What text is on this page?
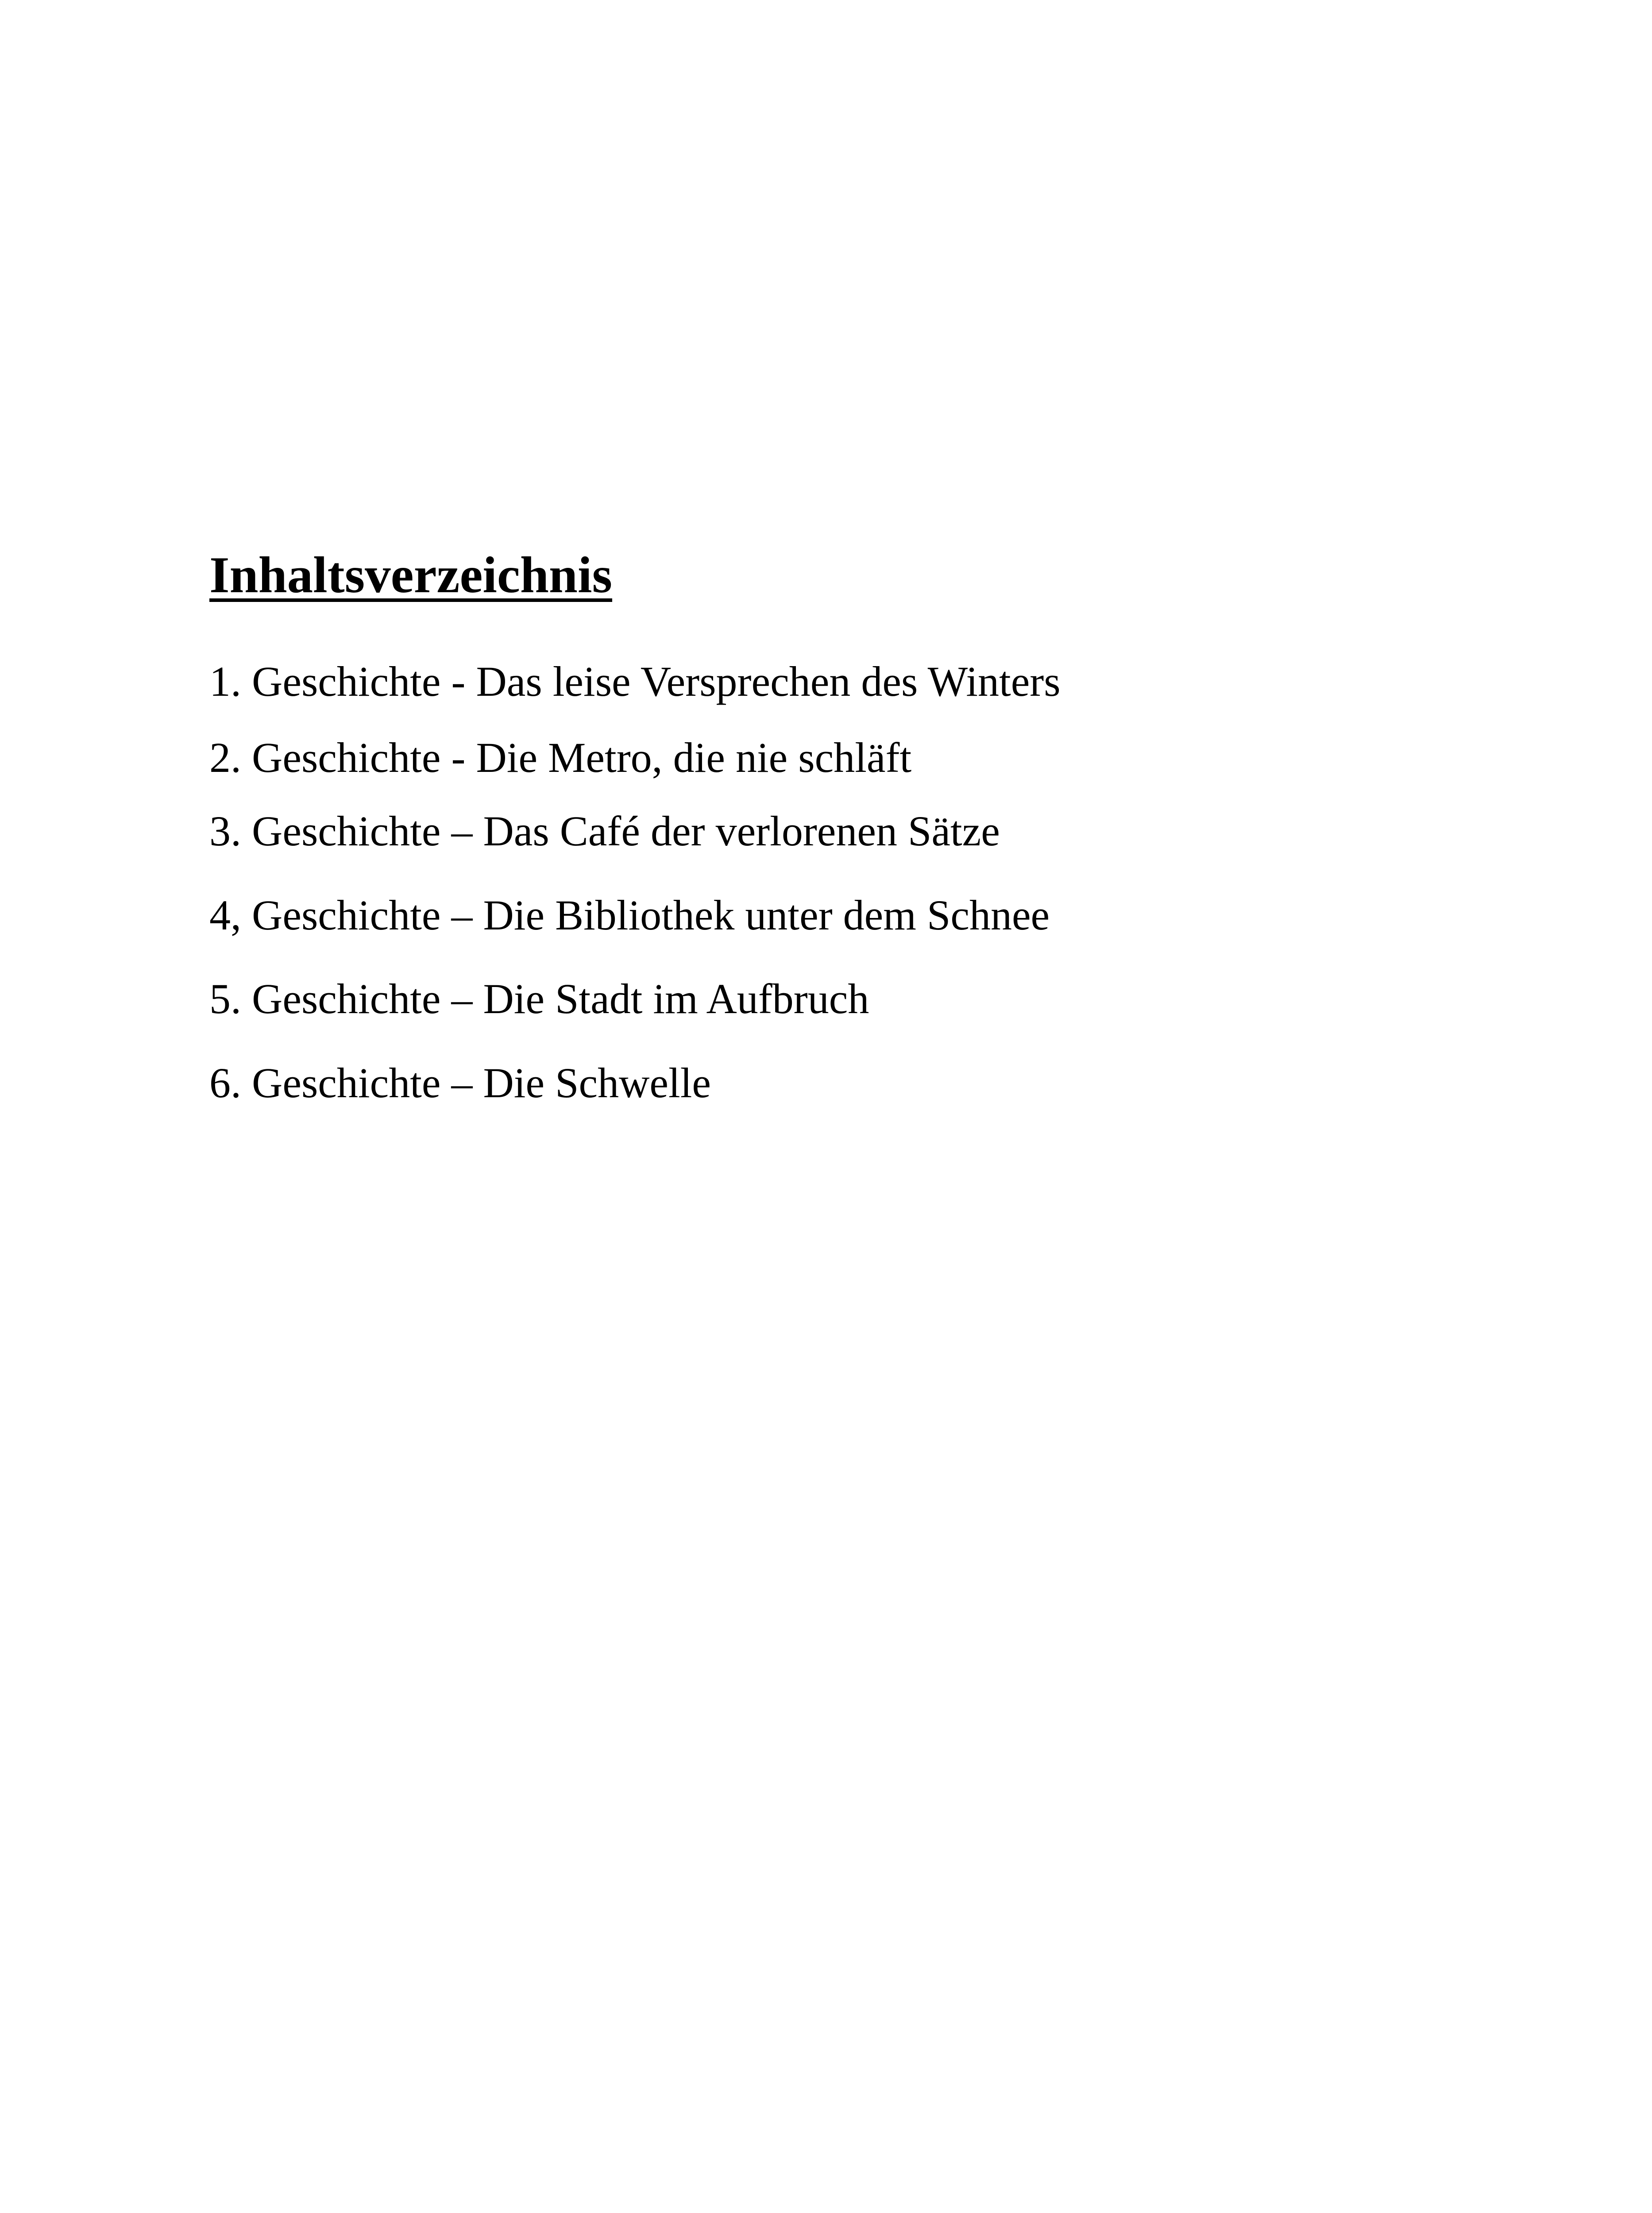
Inhaltsverzeichnis
1. Geschichte - Das leise Versprechen des Winters
2. Geschichte - Die Metro, die nie schläft
3. Geschichte – Das Café der verlorenen Sätze
4, Geschichte – Die Bibliothek unter dem Schnee
5. Geschichte – Die Stadt im Aufbruch
6. Geschichte – Die Schwelle
